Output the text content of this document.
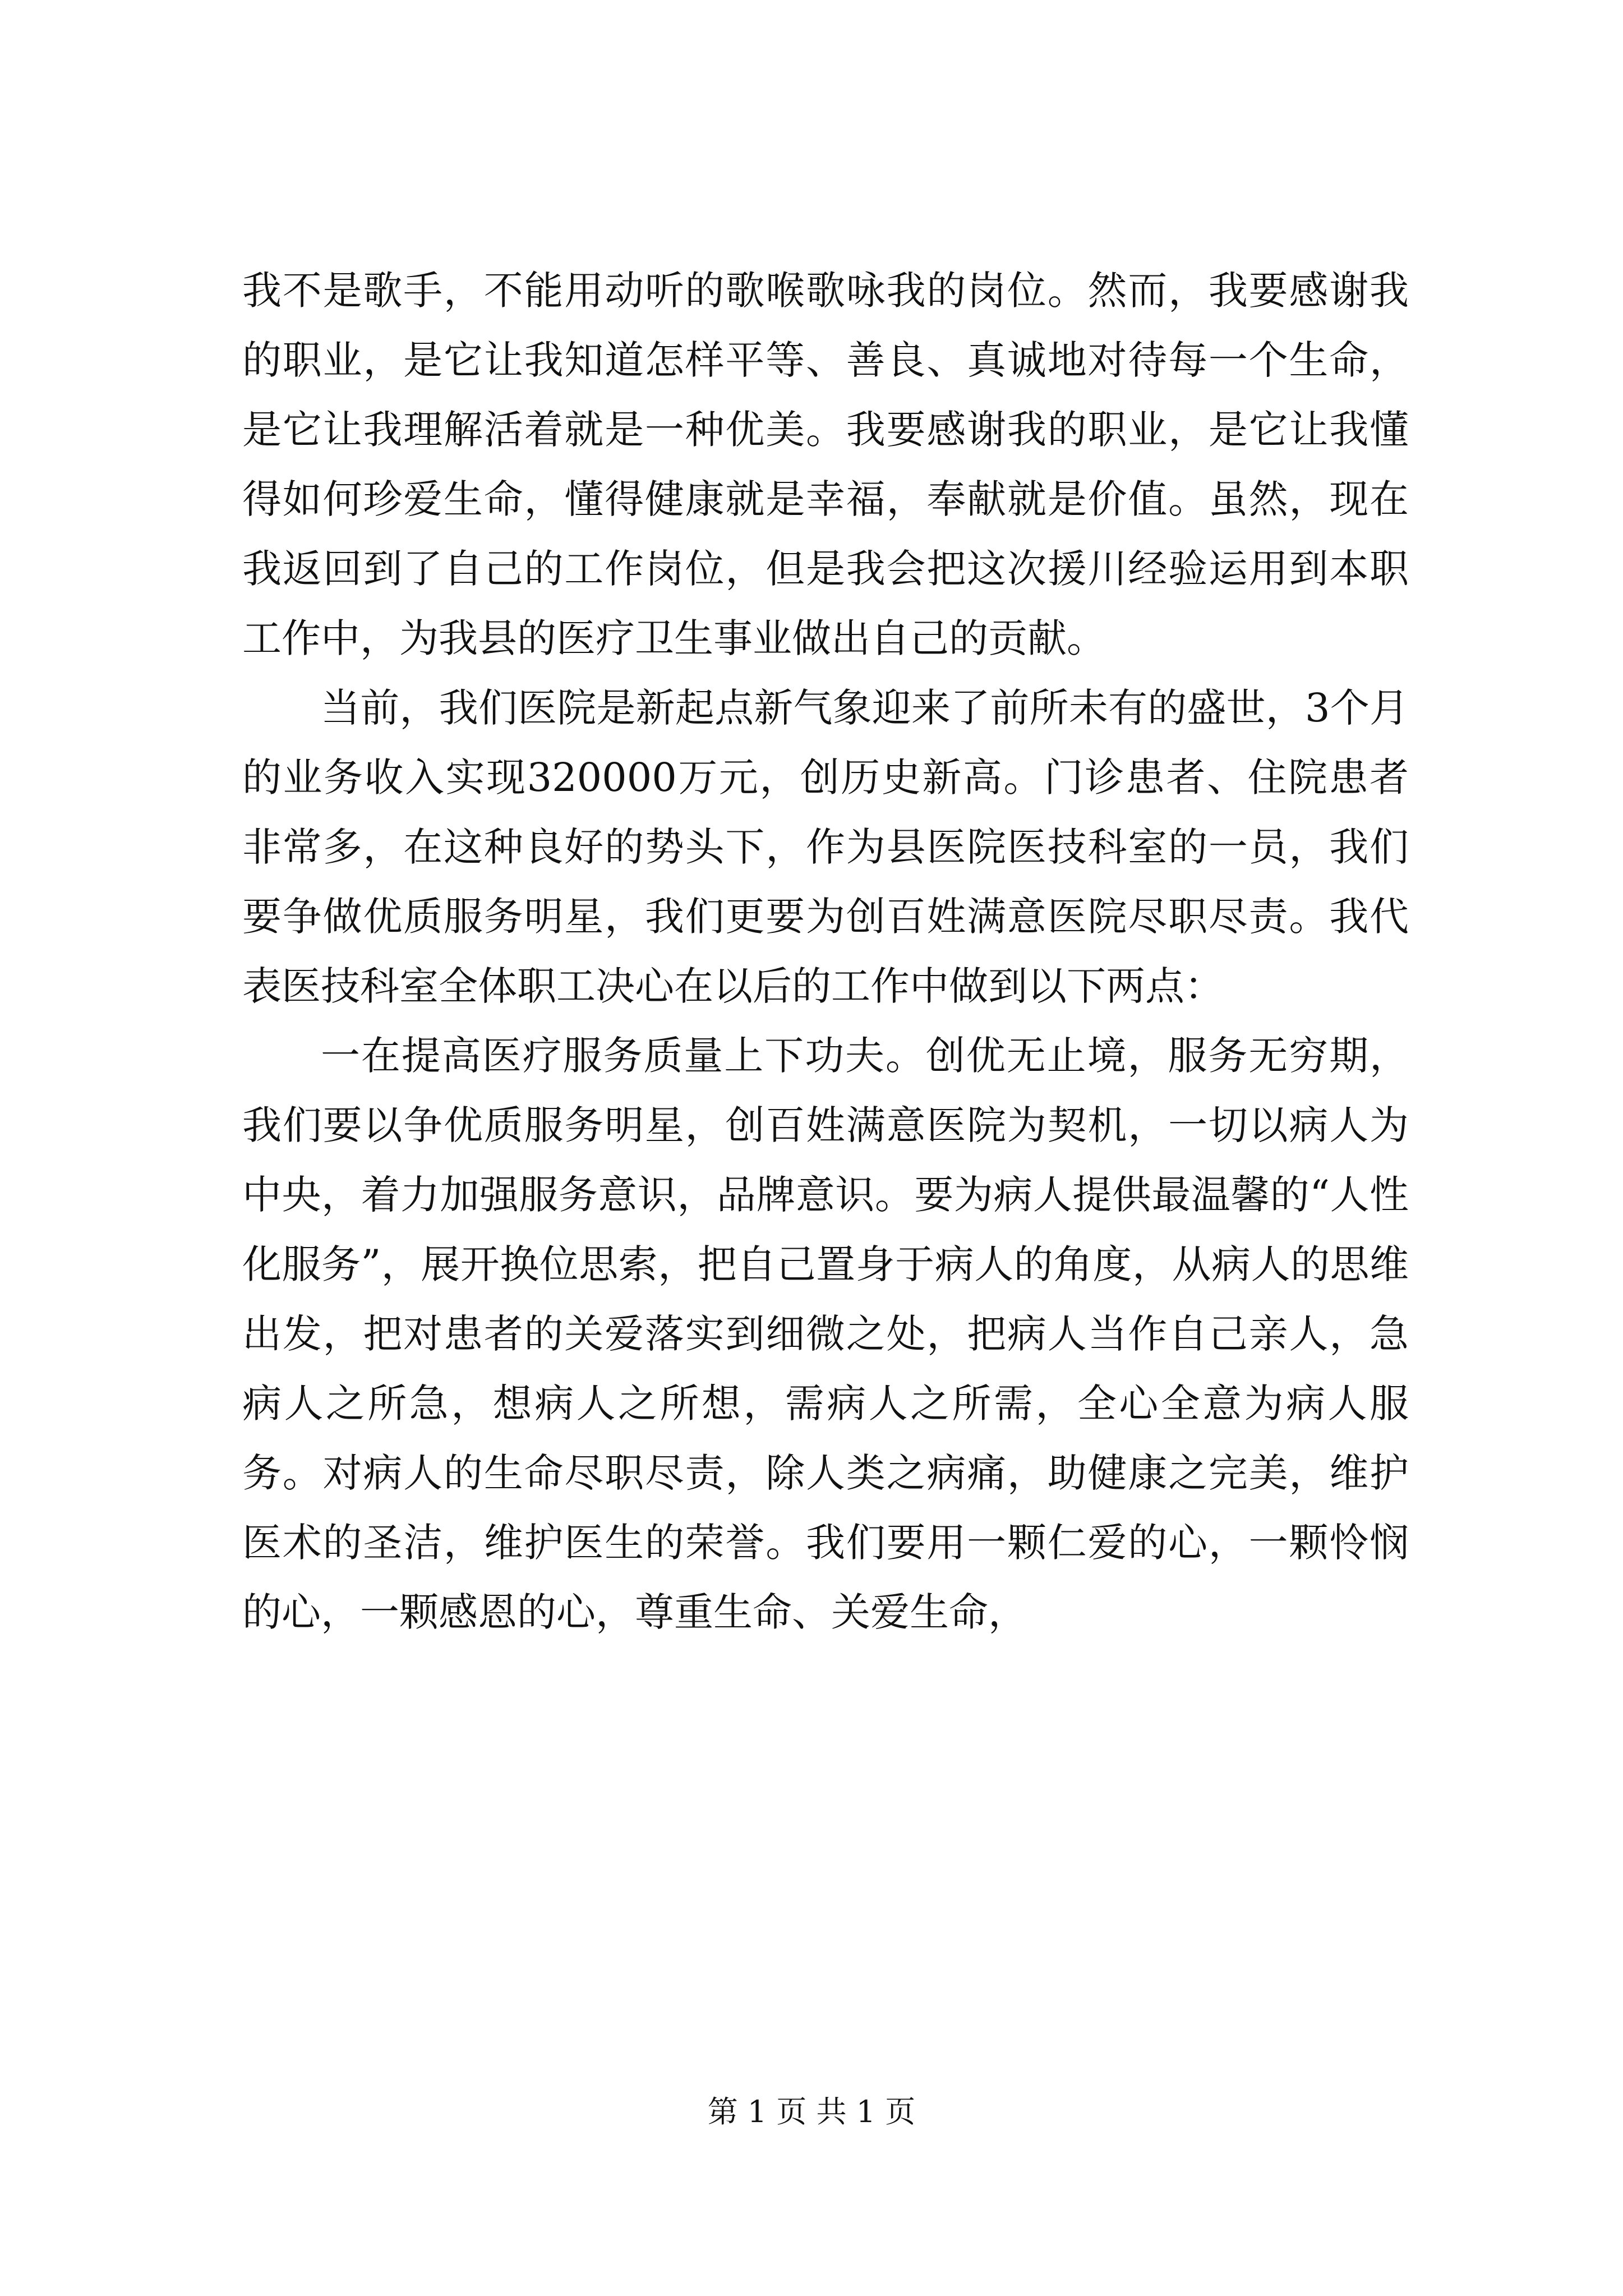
我不是歌手，不能用动听的歌喉歌咏我的岗位。然而，我要感谢我的职业，是它让我知道怎样平等、善良、真诚地对待每一个生命，是它让我理解活着就是一种优美。我要感谢我的职业，是它让我懂得如何珍爱生命，懂得健康就是幸福，奉献就是价值。虽然，现在我返回到了自己的工作岗位，但是我会把这次援川经验运用到本职工作中，为我县的医疗卫生事业做出自己的贡献。

当前，我们医院是新起点新气象迎来了前所未有的盛世，3个月的业务收入实现320000万元，创历史新高。门诊患者、住院患者非常多，在这种良好的势头下，作为县医院医技科室的一员，我们要争做优质服务明星，我们更要为创百姓满意医院尽职尽责。我代表医技科室全体职工决心在以后的工作中做到以下两点：

一在提高医疗服务质量上下功夫。创优无止境，服务无穷期，我们要以争优质服务明星，创百姓满意医院为契机，一切以病人为中央，着力加强服务意识，品牌意识。要为病人提供最温馨的“人性化服务”，展开换位思索，把自己置身于病人的角度，从病人的思维出发，把对患者的关爱落实到细微之处，把病人当作自己亲人，急病人之所急，想病人之所想，需病人之所需，全心全意为病人服务。对病人的生命尽职尽责，除人类之病痛，助健康之完美，维护医术的圣洁，维护医生的荣誉。我们要用一颗仁爱的心，一颗怜悯的心，一颗感恩的心，尊重生命、关爱生命，

第 1 页 共 1 页
